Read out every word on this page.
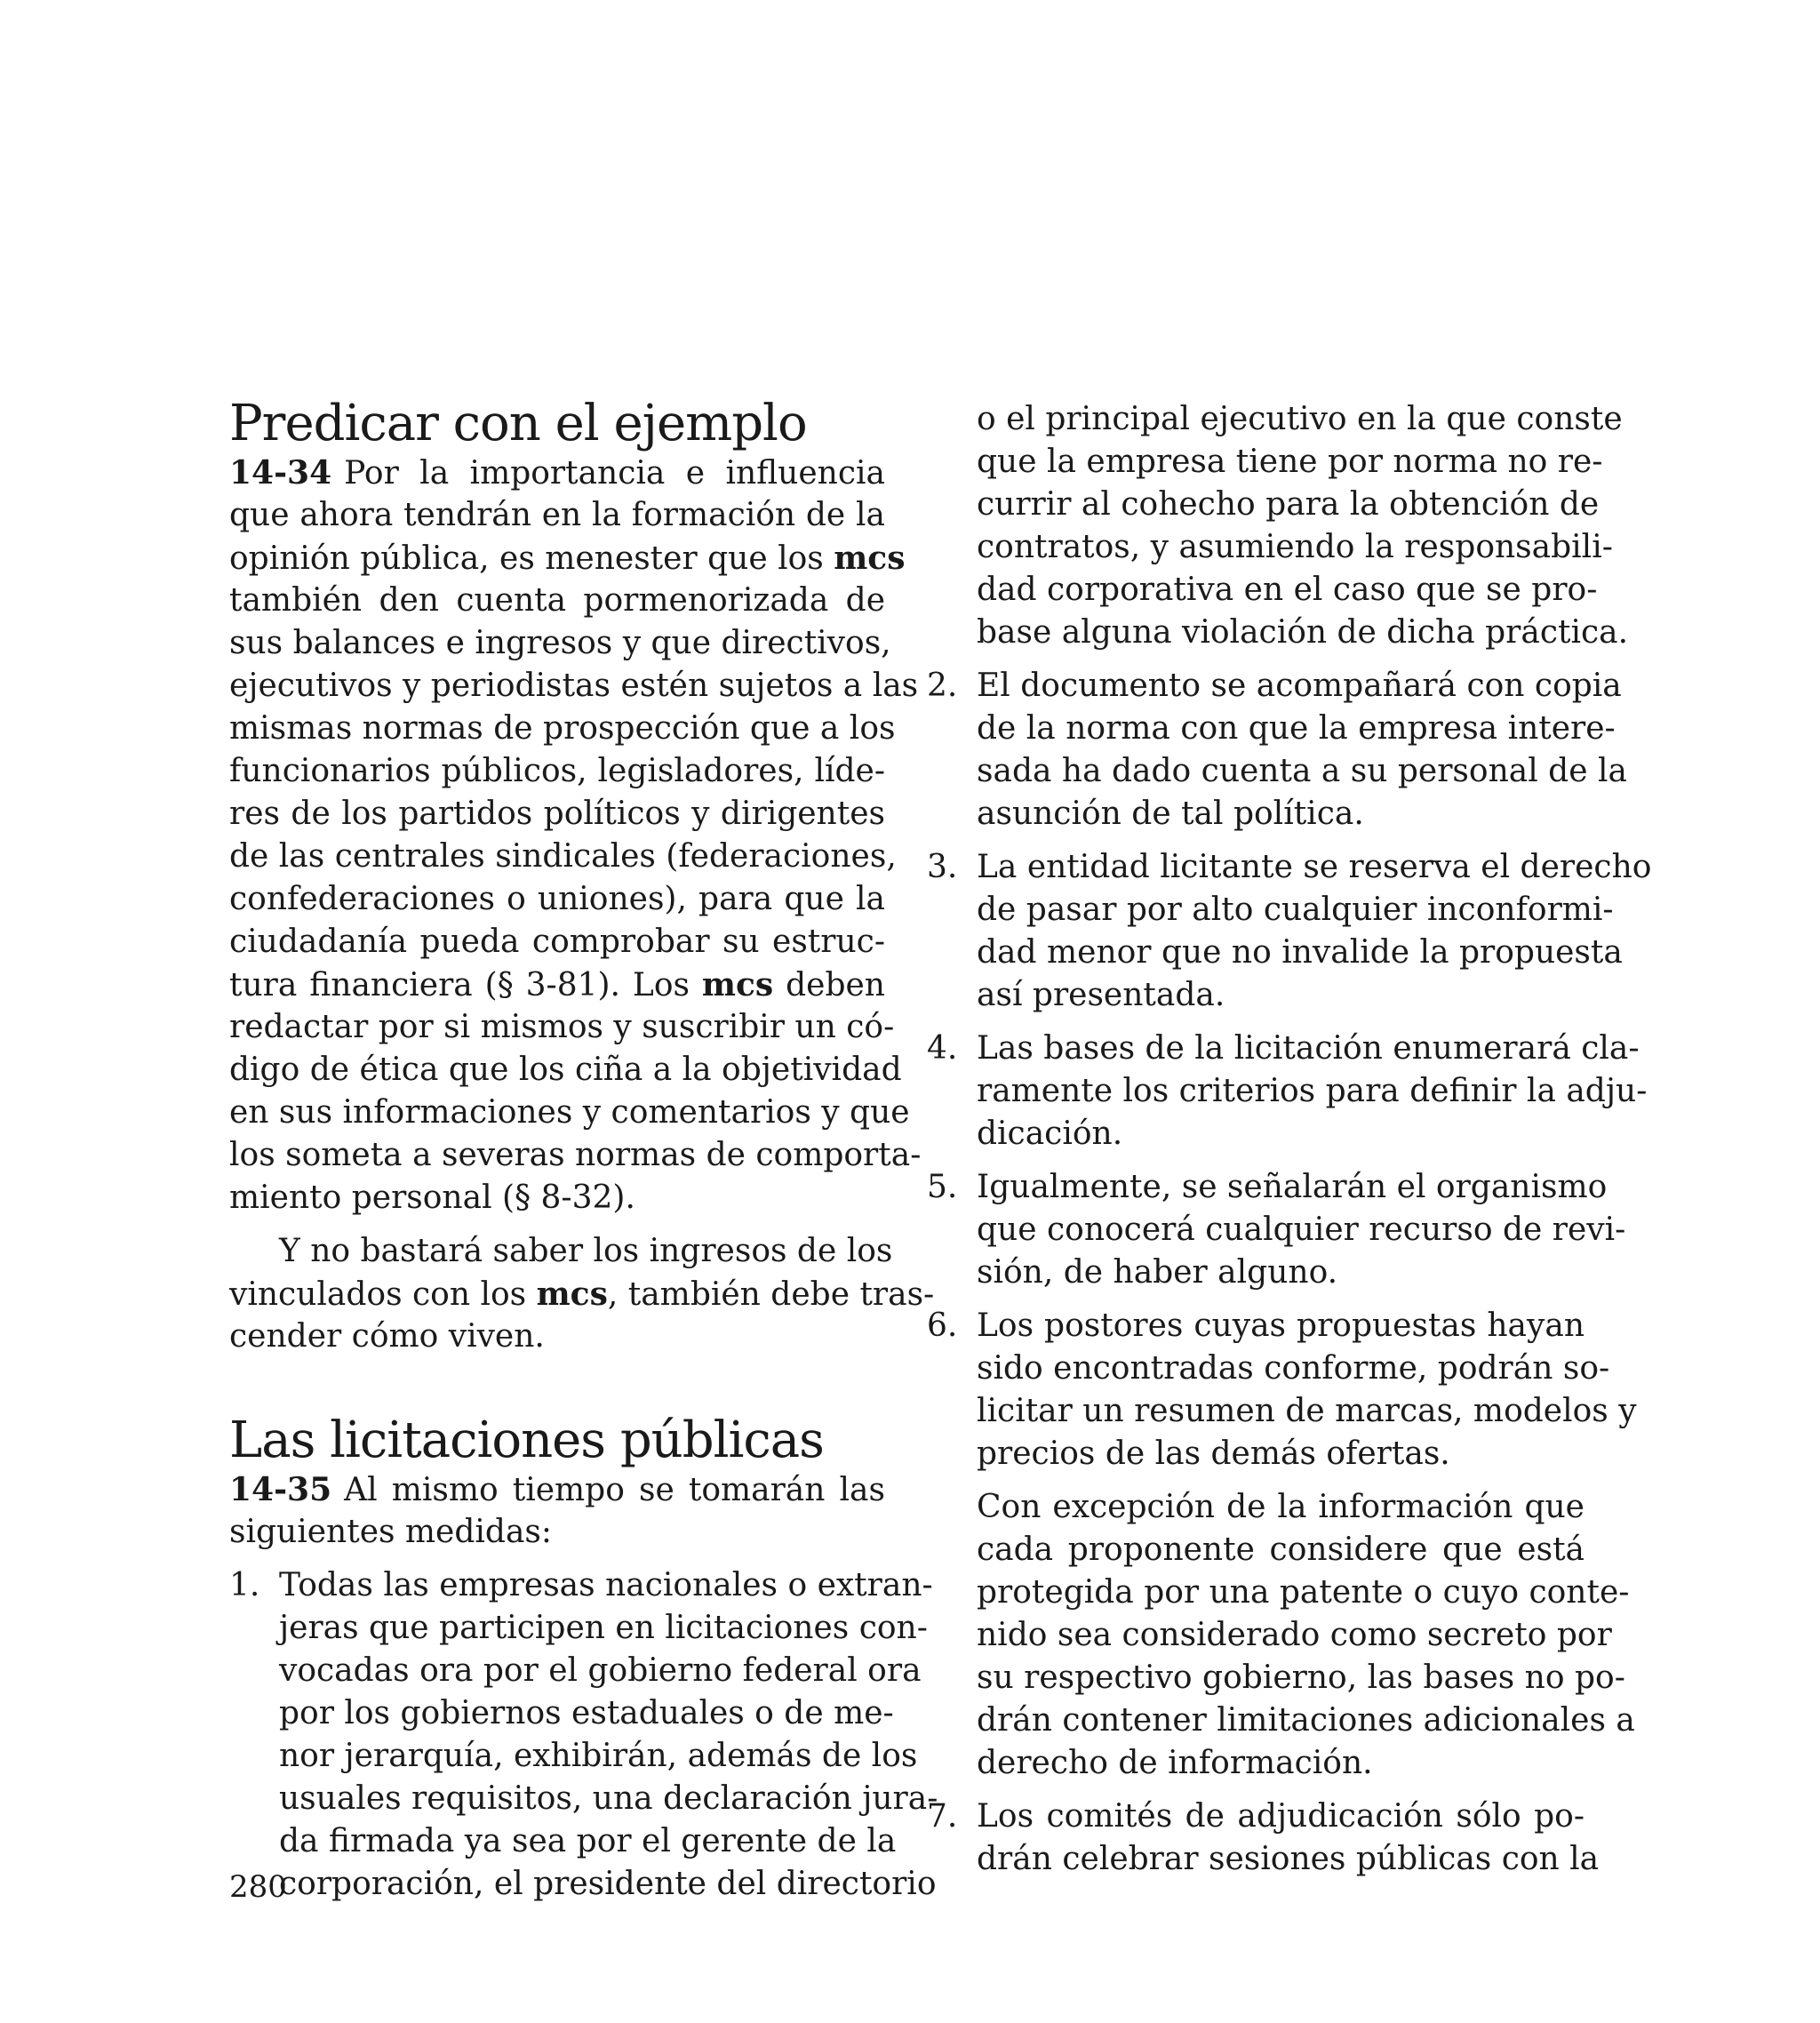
Predicar con el ejemplo
14-34 Por la importancia e influencia
que ahora tendrán en la formación de la
opinión pública, es menester que los mcs
también den cuenta pormenorizada de
sus balances e ingresos y que directivos,
ejecutivos y periodistas estén sujetos a las
mismas normas de prospección que a los
funcionarios públicos, legisladores, líde-
res de los partidos políticos y dirigentes
de las centrales sindicales (federaciones,
confederaciones o uniones), para que la
ciudadanía pueda comprobar su estruc-
tura financiera (§ 3-81). Los mcs deben
redactar por si mismos y suscribir un có-
digo de ética que los ciña a la objetividad
en sus informaciones y comentarios y que
los someta a severas normas de comporta-
miento personal (§ 8-32).
Y no bastará saber los ingresos de los
vinculados con los mcs, también debe tras-
cender cómo viven.
Las licitaciones públicas
14-35 Al mismo tiempo se tomarán las
siguientes medidas:
1. Todas las empresas nacionales o extran-
jeras que participen en licitaciones con-
vocadas ora por el gobierno federal ora
por los gobiernos estaduales o de me-
nor jerarquía, exhibirán, además de los
usuales requisitos, una declaración jura-
da firmada ya sea por el gerente de la
corporación, el presidente del directorio
o el principal ejecutivo en la que conste
que la empresa tiene por norma no re-
currir al cohecho para la obtención de
contratos, y asumiendo la responsabili-
dad corporativa en el caso que se pro-
base alguna violación de dicha práctica.
2. El documento se acompañará con copia
de la norma con que la empresa intere-
sada ha dado cuenta a su personal de la
asunción de tal política.
3. La entidad licitante se reserva el derecho
de pasar por alto cualquier inconformi-
dad menor que no invalide la propuesta
así presentada.
4. Las bases de la licitación enumerará cla-
ramente los criterios para definir la adju-
dicación.
5. Igualmente, se señalarán el organismo
que conocerá cualquier recurso de revi-
sión, de haber alguno.
6. Los postores cuyas propuestas hayan
sido encontradas conforme, podrán so-
licitar un resumen de marcas, modelos y
precios de las demás ofertas.
Con excepción de la información que
cada proponente considere que está
protegida por una patente o cuyo conte-
nido sea considerado como secreto por
su respectivo gobierno, las bases no po-
drán contener limitaciones adicionales a
derecho de información.
7. Los comités de adjudicación sólo po-
drán celebrar sesiones públicas con la
280
